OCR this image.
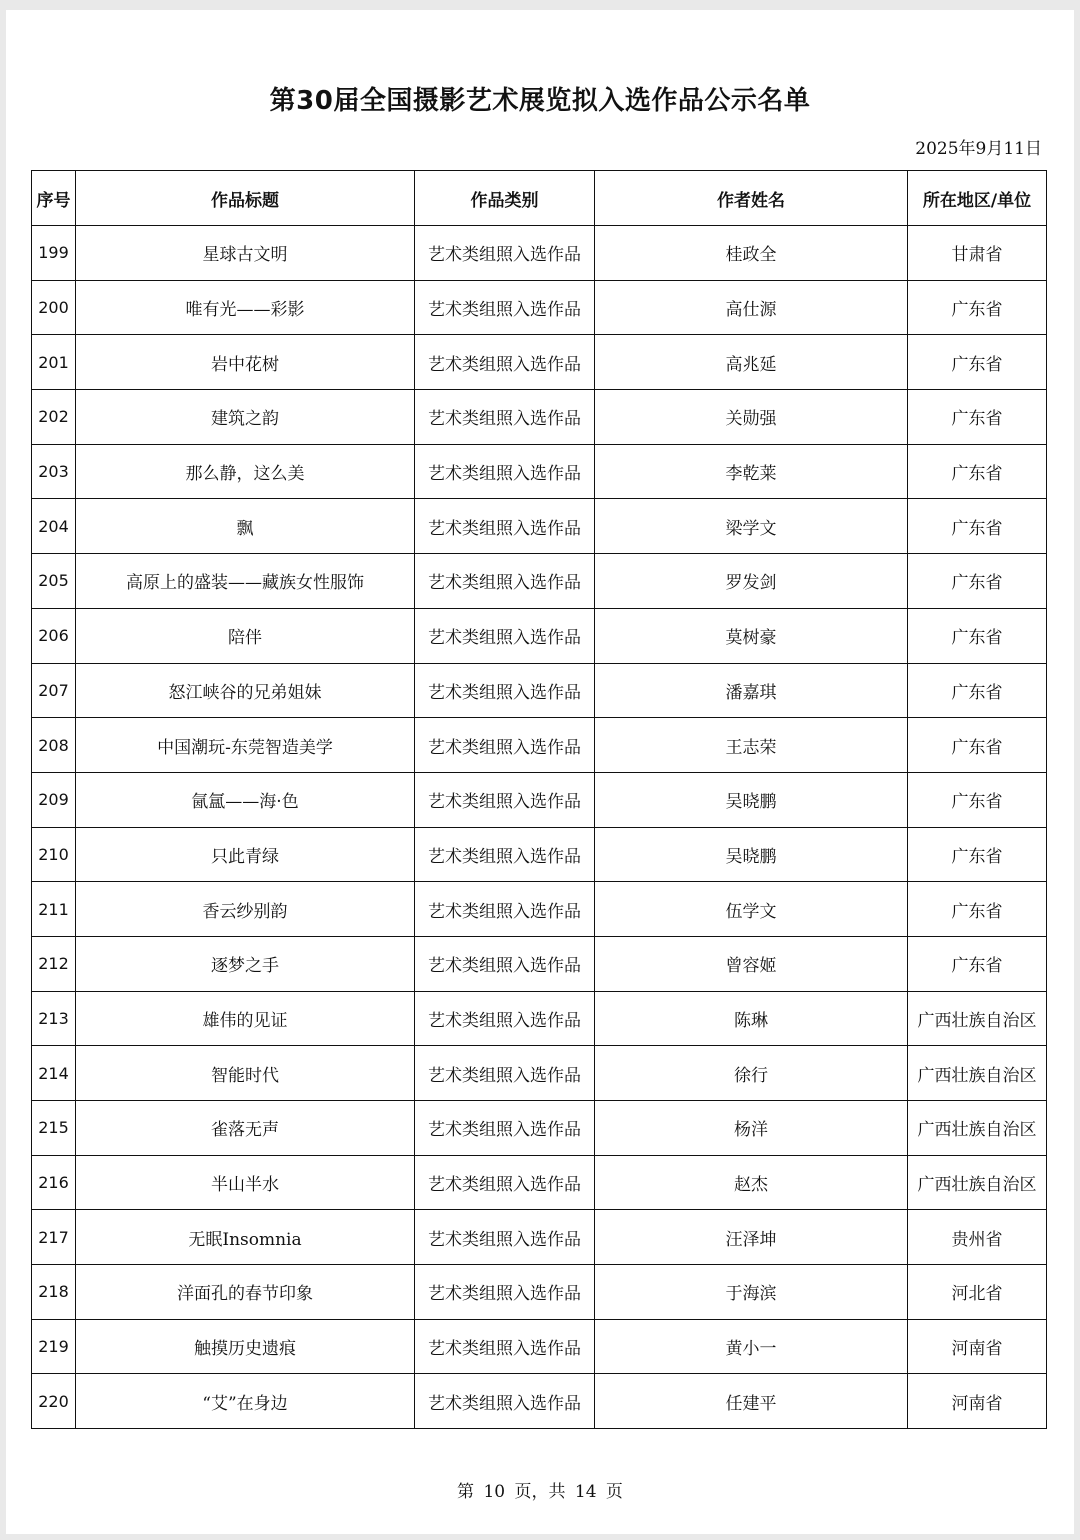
第30届全国摄影艺术展览拟入选作品公示名单
2025年9月11日
序号	作品标题	作品类别	作者姓名	所在地区/单位
199	星球古文明	艺术类组照入选作品	桂政全	甘肃省
200	唯有光——彩影	艺术类组照入选作品	高仕源	广东省
201	岩中花树	艺术类组照入选作品	高兆延	广东省
202	建筑之韵	艺术类组照入选作品	关勋强	广东省
203	那么静，这么美	艺术类组照入选作品	李乾莱	广东省
204	飘	艺术类组照入选作品	梁学文	广东省
205	高原上的盛装——藏族女性服饰	艺术类组照入选作品	罗发剑	广东省
206	陪伴	艺术类组照入选作品	莫树豪	广东省
207	怒江峡谷的兄弟姐妹	艺术类组照入选作品	潘嘉琪	广东省
208	中国潮玩-东莞智造美学	艺术类组照入选作品	王志荣	广东省
209	氤氲——海·色	艺术类组照入选作品	吴晓鹏	广东省
210	只此青绿	艺术类组照入选作品	吴晓鹏	广东省
211	香云纱别韵	艺术类组照入选作品	伍学文	广东省
212	逐梦之手	艺术类组照入选作品	曾容姬	广东省
213	雄伟的见证	艺术类组照入选作品	陈琳	广西壮族自治区
214	智能时代	艺术类组照入选作品	徐行	广西壮族自治区
215	雀落无声	艺术类组照入选作品	杨洋	广西壮族自治区
216	半山半水	艺术类组照入选作品	赵杰	广西壮族自治区
217	无眠Insomnia	艺术类组照入选作品	汪泽坤	贵州省
218	洋面孔的春节印象	艺术类组照入选作品	于海滨	河北省
219	触摸历史遗痕	艺术类组照入选作品	黄小一	河南省
220	“艾”在身边	艺术类组照入选作品	任建平	河南省
第 10 页，共 14 页
